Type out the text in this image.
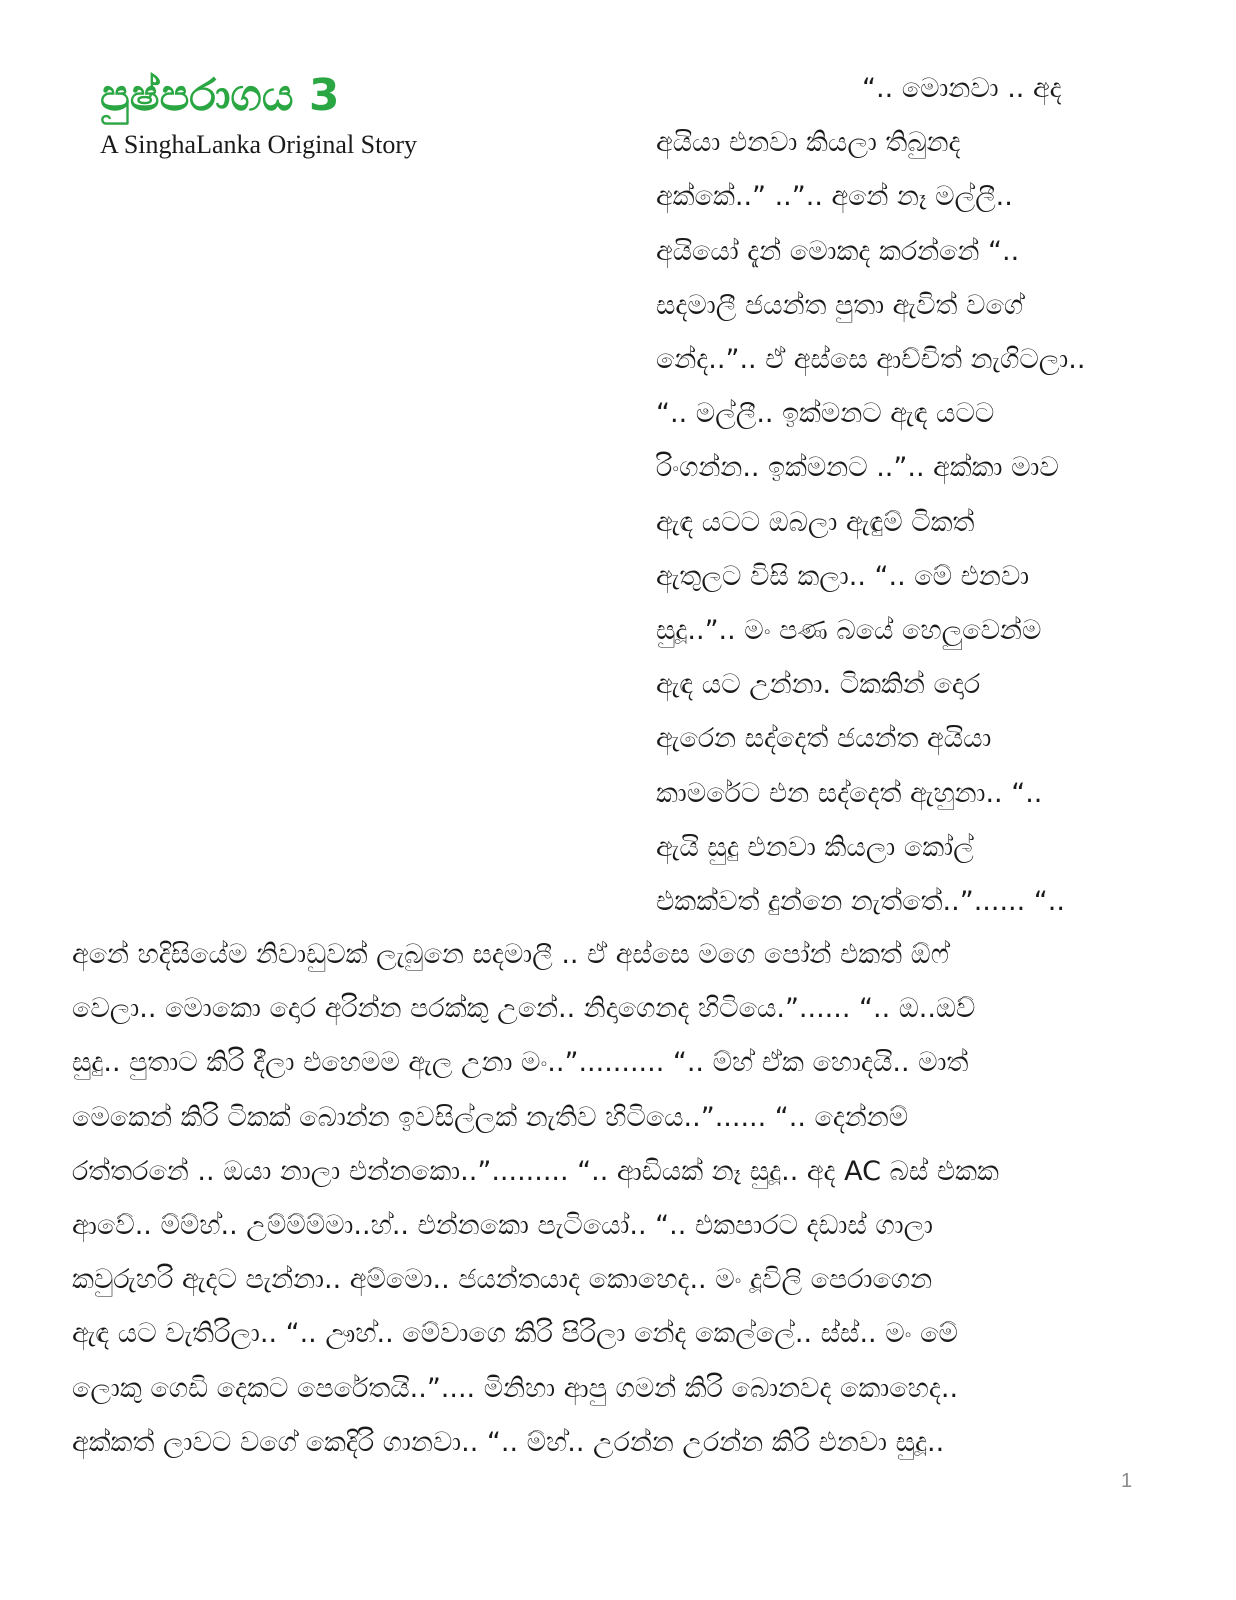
පුෂ්පරාගය 3
A SinghaLanka Original Story
“.. මොනවා .. අද
අයියා එනවා කියලා තිබුනද
අක්කේ..” ..”.. අනේ නෑ මල්ලී..
අයියෝ දැන් මොකද කරන්නේ “..
සදමාලී ජයන්ත පුතා ඇවිත් වගේ
නේද..”.. ඒ අස්සෙ ආච්චිත් නැගිටලා..
“.. මල්ලී.. ඉක්මනට ඇඳ යටට
රිංගන්න.. ඉක්මනට ..”.. අක්කා මාව
ඇඳ යටට ඔබලා ඇඳුම් ටිකත්
ඇතුලට විසි කලා.. “.. මේ එනවා
සුදූ..”.. මං පණ බයේ හෙලුවෙන්ම
ඇඳ යට උන්නා. ටිකකින් දොර
ඇරෙන සද්දෙත් ජයන්ත අයියා
කාමරේට එන සද්දෙත් ඇහුනා.. “..
ඇයි සුදු එනවා කියලා කෝල්
එකක්වත් දුන්නෙ නැත්තේ..”...... “..
අනේ හදිසියේම නිවාඩුවක් ලැබුනෙ සදමාලී .. ඒ අස්සෙ මගෙ පෝන් එකත් ඕෆ්
වෙලා.. මොකො දොර අරින්න පරක්කු උනේ.. නිදාගෙනද හිටියෙ.”...... “.. ඔ..ඔව්
සුදු.. පුතාට කිරි දීලා එහෙමම ඇල උනා මං..”.......... “.. ම්හ් ඒක හොදයි.. මාත්
මෙකෙන් කිරි ටිකක් බොන්න ඉවසිල්ලක් නැතිව හිටියෙ..”...... “.. දෙන්නම්
රත්තරනේ .. ඔයා නාලා එන්නකො..”......... “.. ආඩියක් නෑ සුදූ.. අද AC බස් එකක
ආවේ.. ම්ම්හ්.. උම්ම්ම්මා..හ්.. එන්නකො පැටියෝ.. “.. එකපාරට දඩාස් ගාලා
කවුරුහරි ඇදට පැන්නා.. අම්මො.. ජයන්තයාද කොහෙද.. මං දූවිලි පෙරාගෙන
ඇඳ යට වැතිරිලා.. “.. ඌහ්.. මේවාගෙ කිරි පිරිලා නේද කෙල්ලේ.. ස්ස්.. මං මේ
ලොකු ගෙඩි දෙකට පෙරේතයි..”.... මිනිහා ආපු ගමන් කිරි බොනවද කොහෙද..
අක්කත් ලාවට වගේ කෙදිරි ගානවා.. “.. ම්හ්.. උරන්න උරන්න කිරි එනවා සුදූ..
1
